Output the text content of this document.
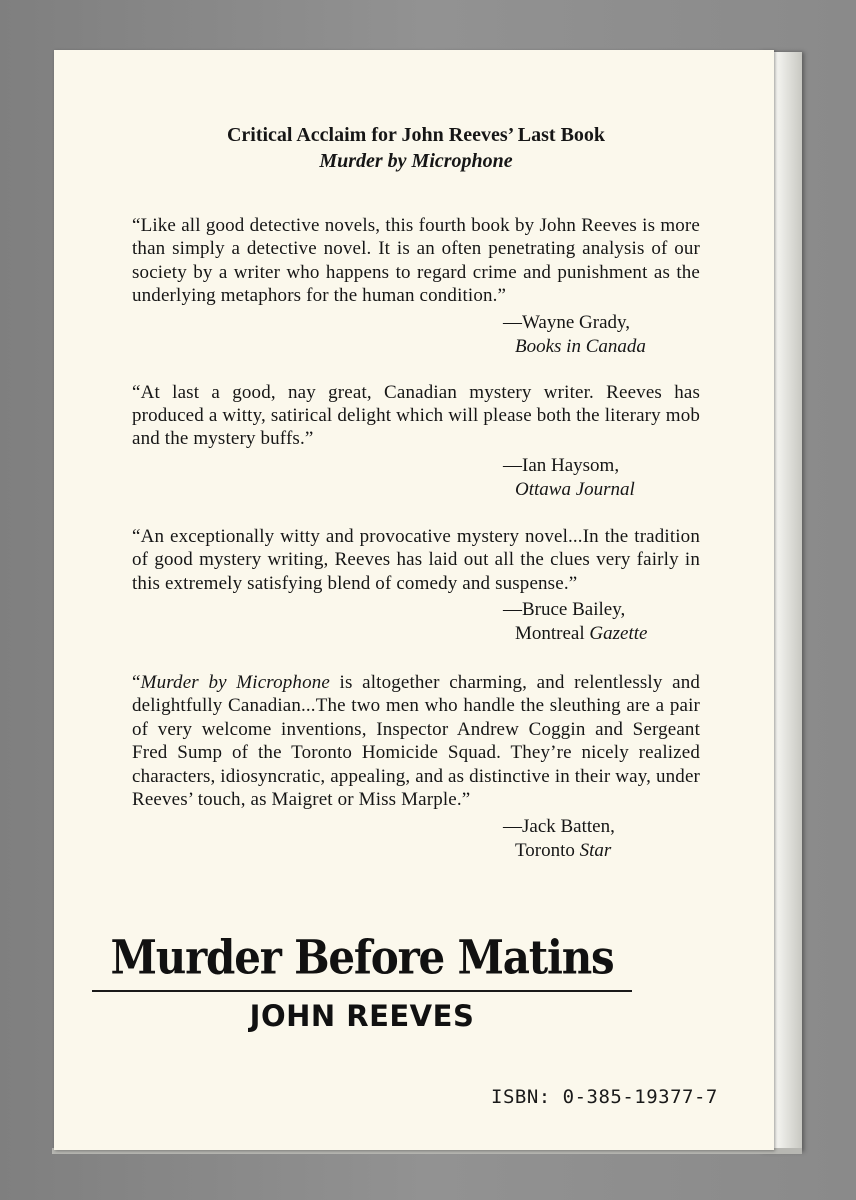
Critical Acclaim for John Reeves’ Last Book
Murder by Microphone

“Like all good detective novels, this fourth book by John Reeves is more than simply a detective novel. It is an often penetrating analysis of our society by a writer who happens to regard crime and punishment as the underlying metaphors for the human condition.”

—Wayne Grady,
Books in Canada

“At last a good, nay great, Canadian mystery writer. Reeves has produced a witty, satirical delight which will please both the literary mob and the mystery buffs.”

—Ian Haysom,
Ottawa Journal

“An exceptionally witty and provocative mystery novel...In the tradition of good mystery writing, Reeves has laid out all the clues very fairly in this extremely satisfying blend of comedy and suspense.”

—Bruce Bailey,
Montreal Gazette

“Murder by Microphone is altogether charming, and relentlessly and delightfully Canadian...The two men who handle the sleuthing are a pair of very welcome inventions, Inspector Andrew Coggin and Sergeant Fred Sump of the Toronto Homicide Squad. They’re nicely realized characters, idiosyncratic, appealing, and as distinctive in their way, under Reeves’ touch, as Maigret or Miss Marple.”

—Jack Batten,
Toronto Star
Murder Before Matins
JOHN REEVES
ISBN: 0-385-19377-7
